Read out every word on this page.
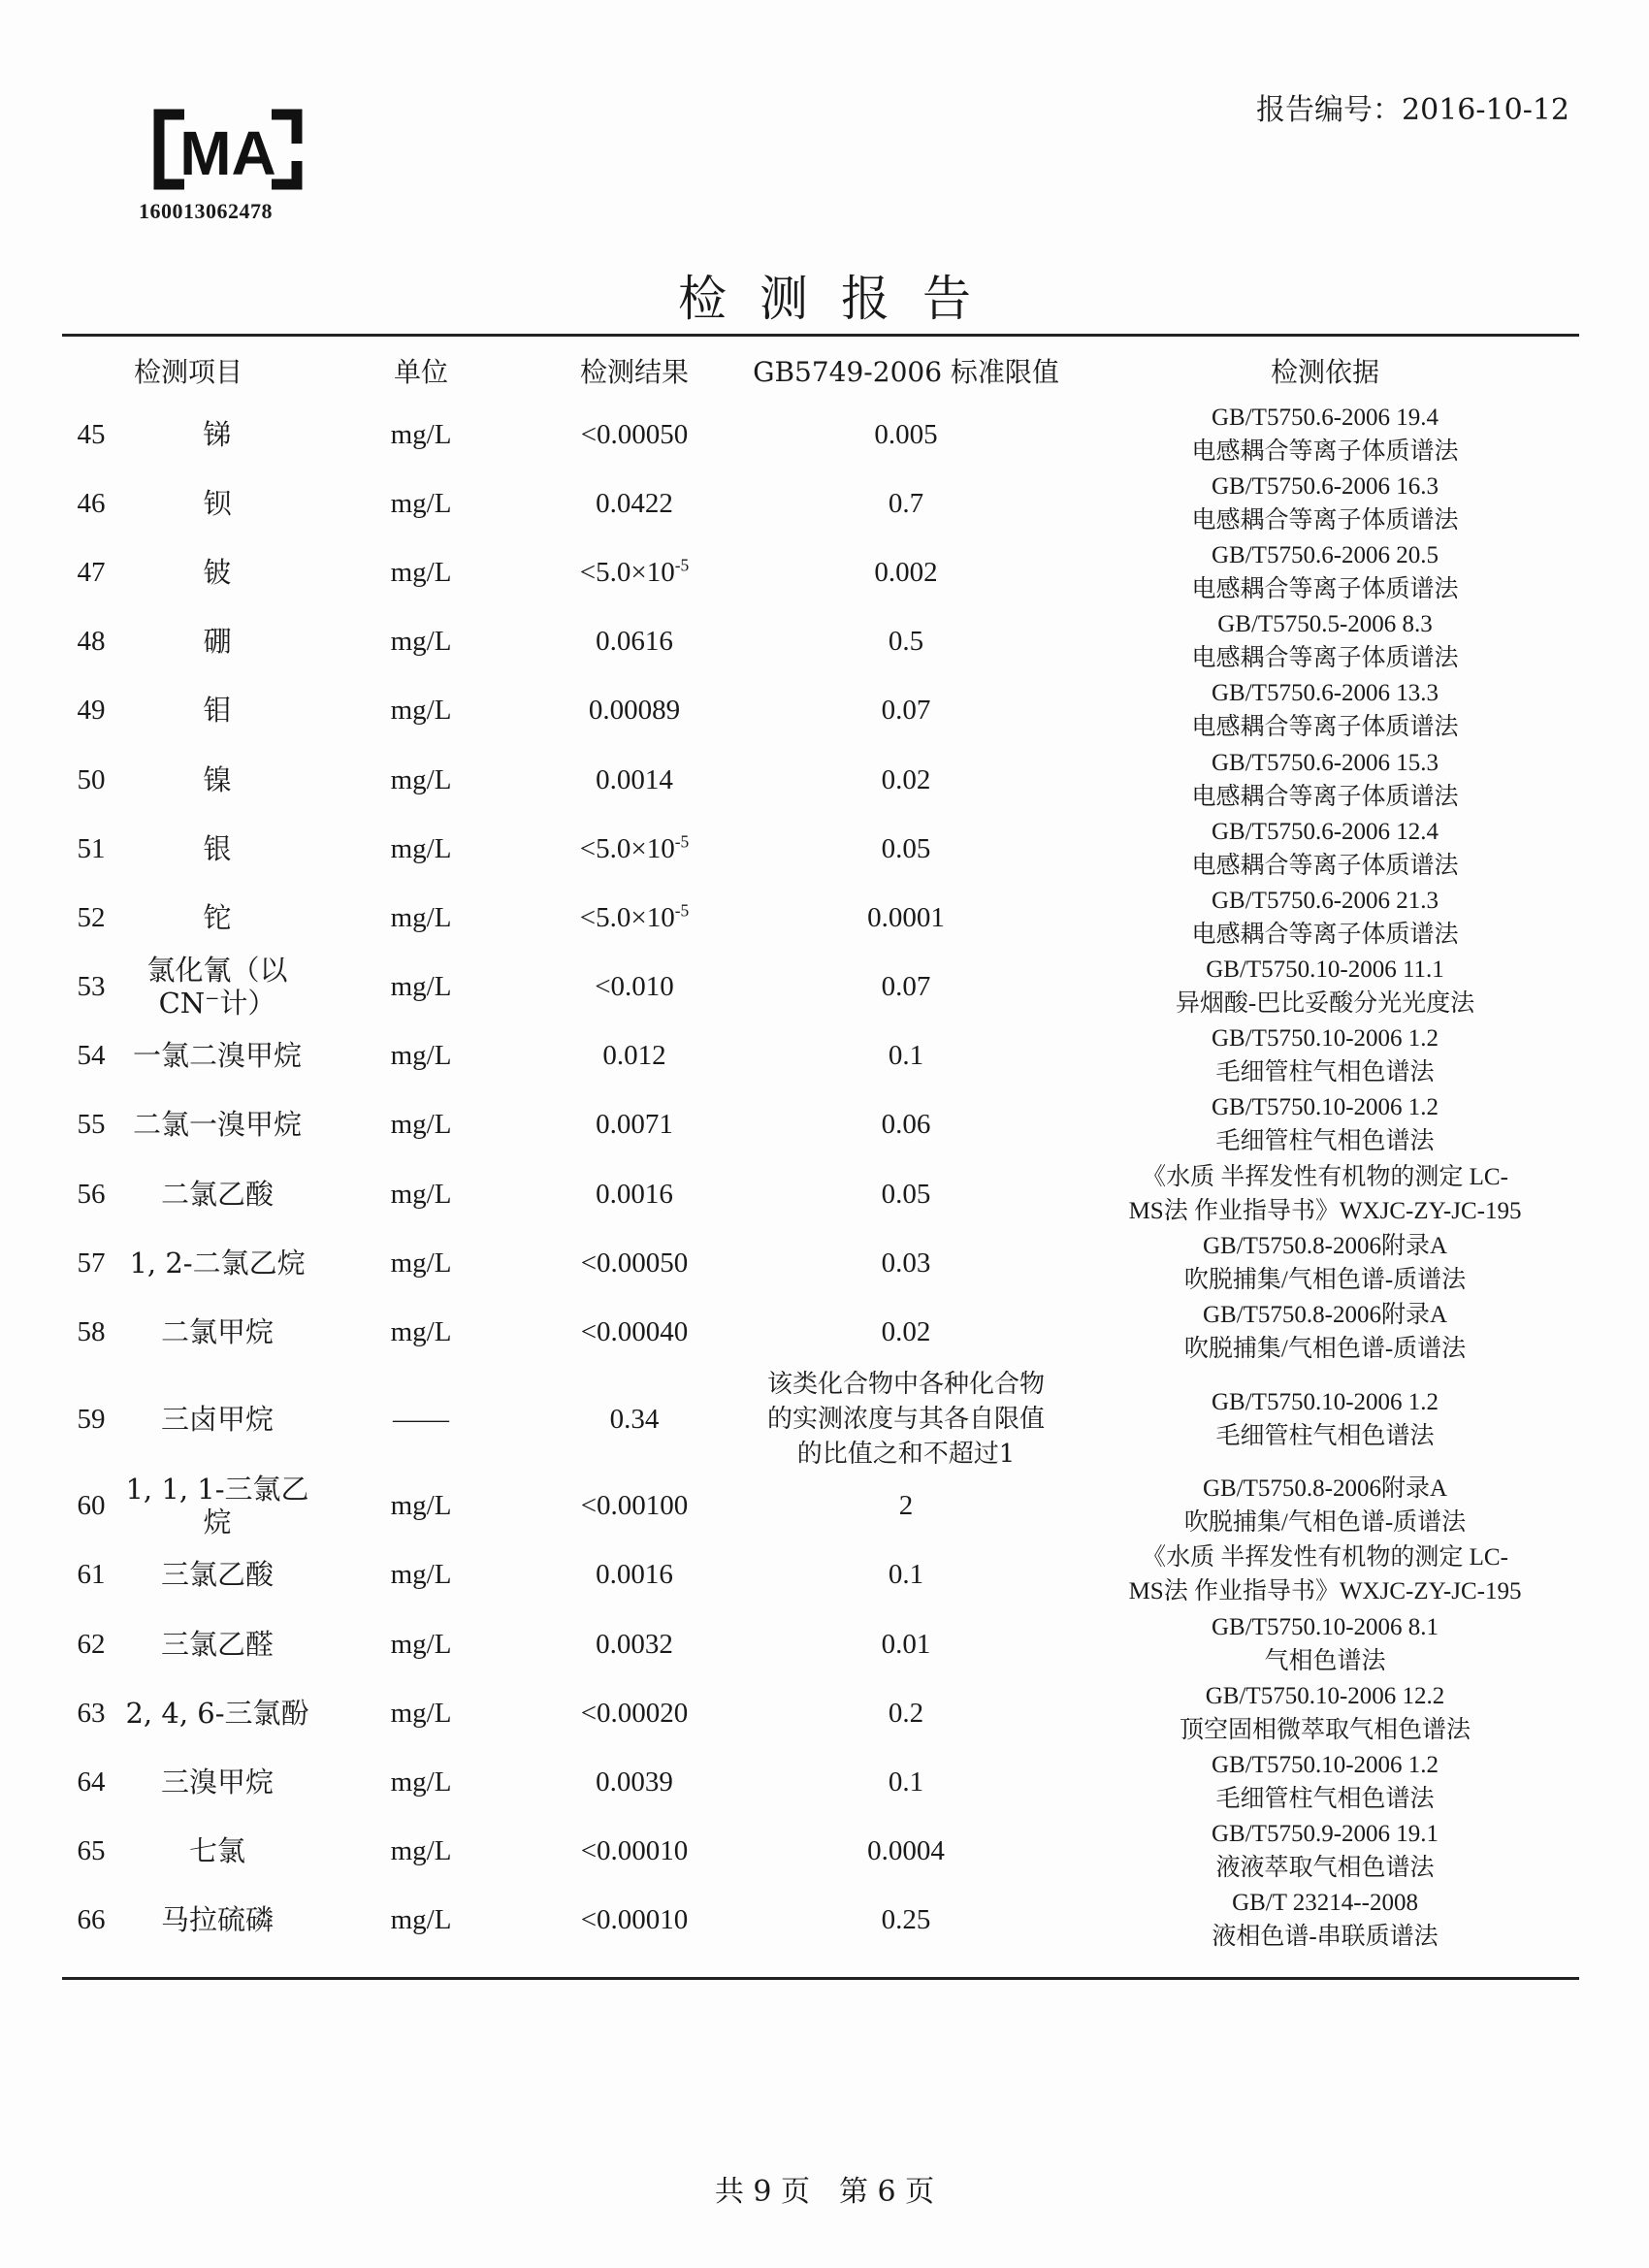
MA
160013062478
报告编号：2016-10-12
检测报告
检测项目		单位	检测结果	GB5749-2006 标准限值	检测依据
45	锑	mg/L	<0.00050	0.005	GB/T5750.6-2006 19.4
电感耦合等离子体质谱法

46	钡	mg/L	0.0422	0.7	GB/T5750.6-2006 16.3
电感耦合等离子体质谱法

47	铍	mg/L	$<5.0\times 10^{-5}$	0.002	GB/T5750.6-2006 20.5
电感耦合等离子体质谱法

48	硼	mg/L	0.0616	0.5	GB/T5750.5-2006 8.3
电感耦合等离子体质谱法

49	钼	mg/L	0.00089	0.07	GB/T5750.6-2006 13.3
电感耦合等离子体质谱法

50	镍	mg/L	0.0014	0.02	GB/T5750.6-2006 15.3
电感耦合等离子体质谱法

51	银	mg/L	$<5.0\times 10^{-5}$	0.05	GB/T5750.6-2006 12.4
电感耦合等离子体质谱法

52	铊	mg/L	$<5.0\times 10^{-5}$	0.0001	GB/T5750.6-2006 21.3
电感耦合等离子体质谱法

53	氯化氰（以CN⁻计）	mg/L	<0.010	0.07	GB/T5750.10-2006 11.1
异烟酸-巴比妥酸分光光度法

54	一氯二溴甲烷	mg/L	0.012	0.1	GB/T5750.10-2006 1.2
毛细管柱气相色谱法

55	二氯一溴甲烷	mg/L	0.0071	0.06	GB/T5750.10-2006 1.2
毛细管柱气相色谱法

56	二氯乙酸	mg/L	0.0016	0.05	《水质 半挥发性有机物的测定 LC-
MS法 作业指导书》WXJC-ZY-JC-195

57	1, 2-二氯乙烷	mg/L	<0.00050	0.03	GB/T5750.8-2006附录A
吹脱捕集/气相色谱-质谱法

58	二氯甲烷	mg/L	<0.00040	0.02	GB/T5750.8-2006附录A
吹脱捕集/气相色谱-质谱法

59	三卤甲烷	——	0.34	该类化合物中各种化合物
的实测浓度与其各自限值
的比值之和不超过1	GB/T5750.10-2006 1.2
毛细管柱气相色谱法

60	1, 1, 1-三氯乙烷	mg/L	<0.00100	2	GB/T5750.8-2006附录A
吹脱捕集/气相色谱-质谱法

61	三氯乙酸	mg/L	0.0016	0.1	《水质 半挥发性有机物的测定 LC-
MS法 作业指导书》WXJC-ZY-JC-195

62	三氯乙醛	mg/L	0.0032	0.01	GB/T5750.10-2006 8.1
气相色谱法

63	2, 4, 6-三氯酚	mg/L	<0.00020	0.2	GB/T5750.10-2006 12.2
顶空固相微萃取气相色谱法

64	三溴甲烷	mg/L	0.0039	0.1	GB/T5750.10-2006 1.2
毛细管柱气相色谱法

65	七氯	mg/L	<0.00010	0.0004	GB/T5750.9-2006 19.1
液液萃取气相色谱法

66	马拉硫磷	mg/L	<0.00010	0.25	GB/T 23214--2008
液相色谱-串联质谱法
共 9 页　第 6 页
